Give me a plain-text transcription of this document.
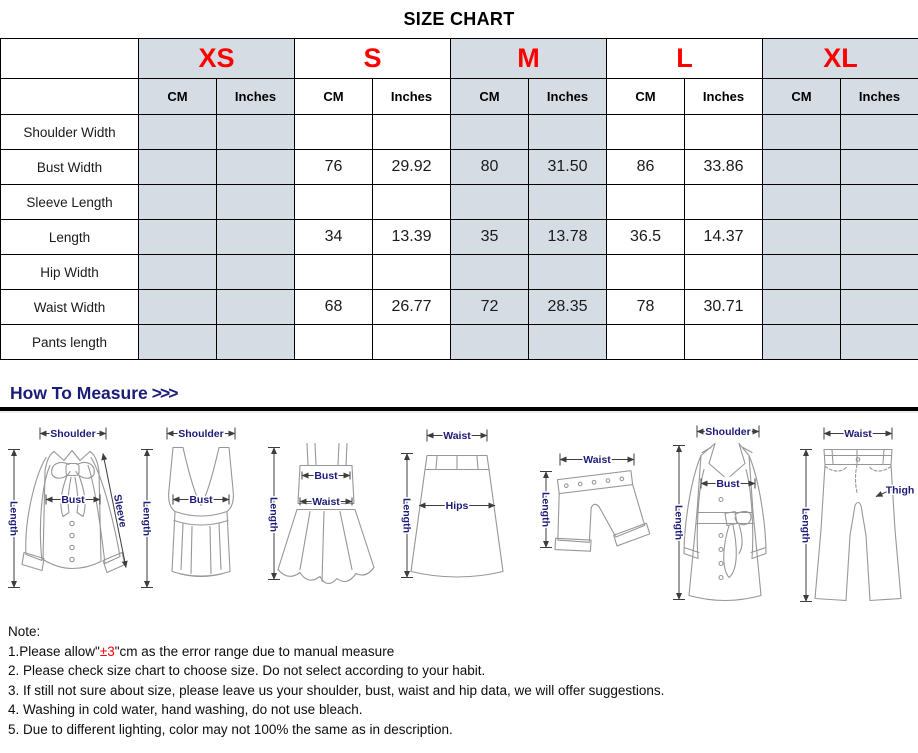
SIZE CHART
	XS		S		M		L		XL	
	CM	Inches	CM	Inches	CM	Inches	CM	Inches	CM	Inches
Shoulder Width										
Bust Width			76	29.92	80	31.50	86	33.86		
Sleeve Length										
Length			34	13.39	35	13.78	36.5	14.37		
Hip Width										
Waist Width			68	26.77	72	28.35	78	30.71		
Pants length										
How To Measure >>>
Shoulder
Bust Sleeve
Length
Shoulder
Bust
Length
Bust
Waist
Length
Waist
Hips
Length
Waist
Length
Shoulder
Bust
Length
Thigh
Waist
Length
Note:
1.Please allow"±3"cm as the error range due to manual measure
2. Please check size chart to choose size. Do not select according to your habit.
3. If still not sure about size, please leave us your shoulder, bust, waist and hip data, we will offer suggestions.
4. Washing in cold water, hand washing, do not use bleach.
5. Due to different lighting, color may not 100% the same as in description.
